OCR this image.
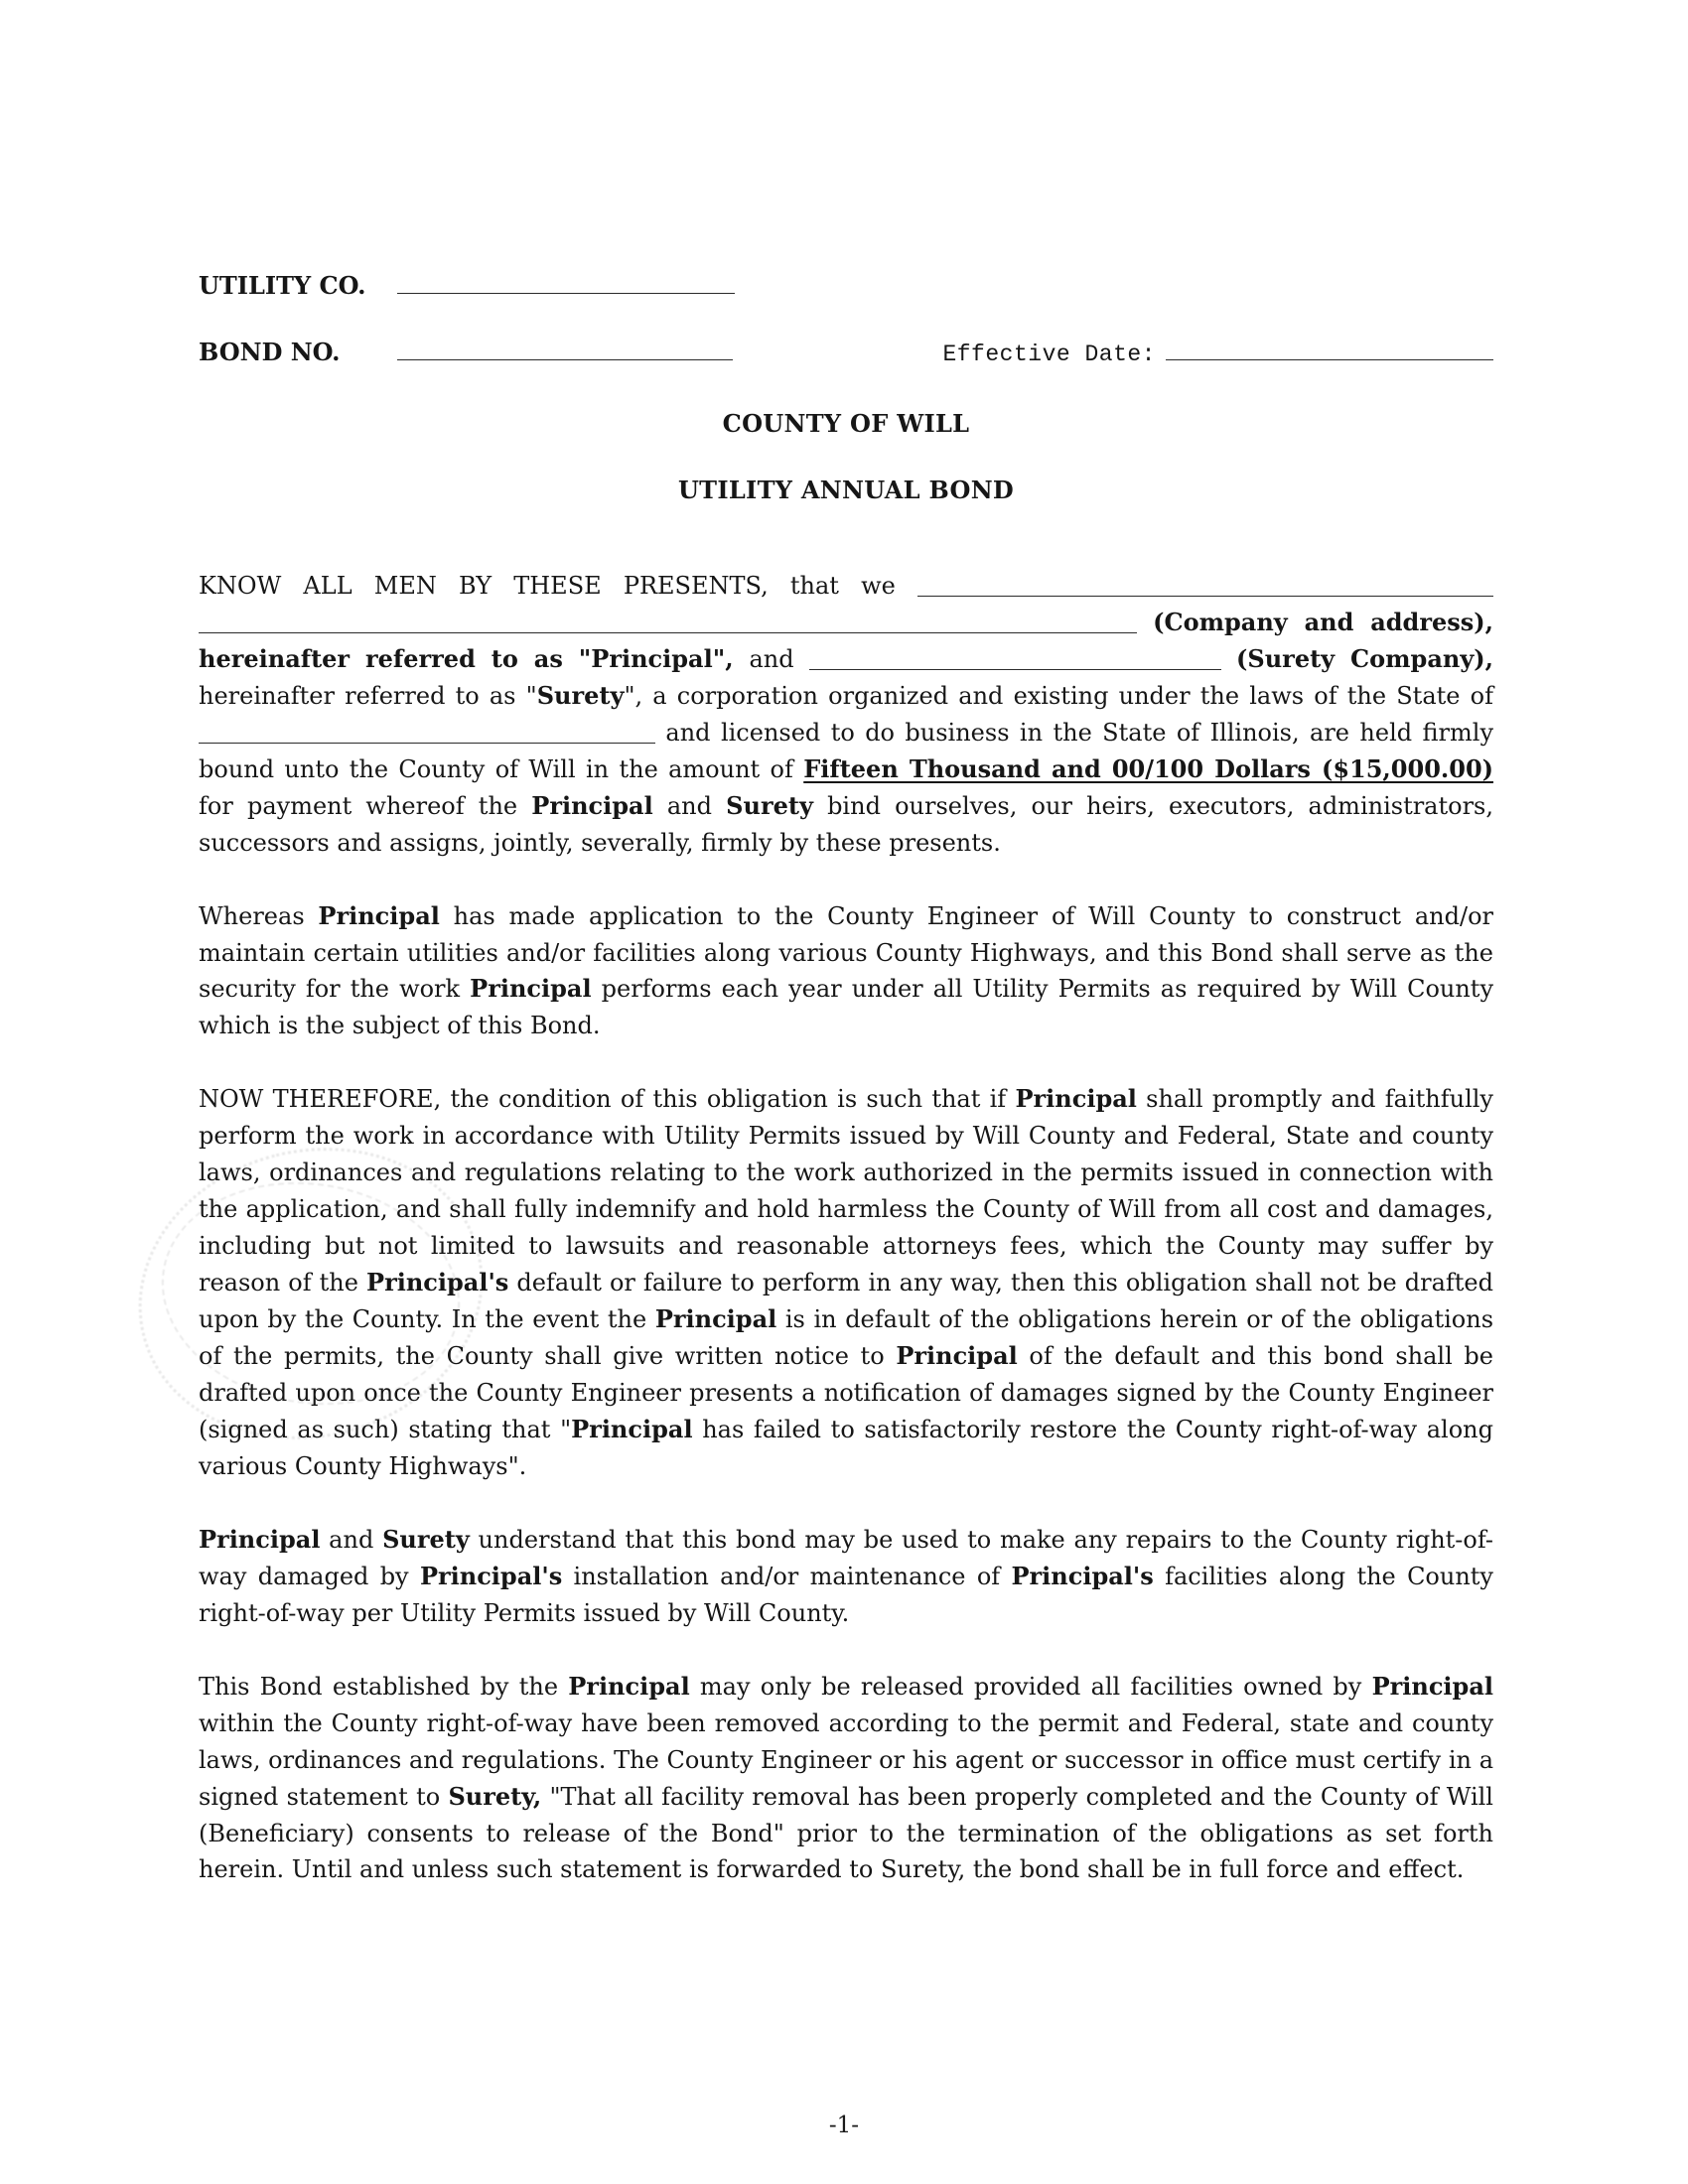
UTILITY CO.
BOND NO.	Effective Date:
COUNTY OF WILL
UTILITY ANNUAL BOND

KNOW ALL MEN BY THESE PRESENTS, that we  (Company and address), hereinafter referred to as "Principal", and	(Surety Company), hereinafter referred to as "Surety", a corporation organized and existing under the laws of the State of  and licensed to do business in the State of Illinois, are held firmly bound unto the County of Will in the amount of Fifteen Thousand and 00/100 Dollars ($15,000.00) for payment whereof the Principal and Surety bind ourselves, our heirs, executors, administrators, successors and assigns, jointly, severally, firmly by these presents.

Whereas Principal has made application to the County Engineer of Will County to construct and/or maintain certain utilities and/or facilities along various County Highways, and this Bond shall serve as the security for the work Principal performs each year under all Utility Permits as required by Will County which is the subject of this Bond.

NOW THEREFORE, the condition of this obligation is such that if Principal shall promptly and faithfully perform the work in accordance with Utility Permits issued by Will County and Federal, State and county laws, ordinances and regulations relating to the work authorized in the permits issued in connection with the application, and shall fully indemnify and hold harmless the County of Will from all cost and damages, including but not limited to lawsuits and reasonable attorneys fees, which the County may suffer by reason of the Principal's default or failure to perform in any way, then this obligation shall not be drafted upon by the County. In the event the Principal is in default of the obligations herein or of the obligations of the permits, the County shall give written notice to Principal of the default and this bond shall be drafted upon once the County Engineer presents a notification of damages signed by the County Engineer (signed as such) stating that "Principal has failed to satisfactorily restore the County right-of-way along various County Highways".

Principal and Surety understand that this bond may be used to make any repairs to the County right-of-way damaged by Principal's installation and/or maintenance of Principal's facilities along the County right-of-way per Utility Permits issued by Will County.

This Bond established by the Principal may only be released provided all facilities owned by Principal within the County right-of-way have been removed according to the permit and Federal, state and county laws, ordinances and regulations. The County Engineer or his agent or successor in office must certify in a signed statement to Surety, "That all facility removal has been properly completed and the County of Will (Beneficiary) consents to release of the Bond" prior to the termination of the obligations as set forth herein. Until and unless such statement is forwarded to Surety, the bond shall be in full force and effect.

-1-
